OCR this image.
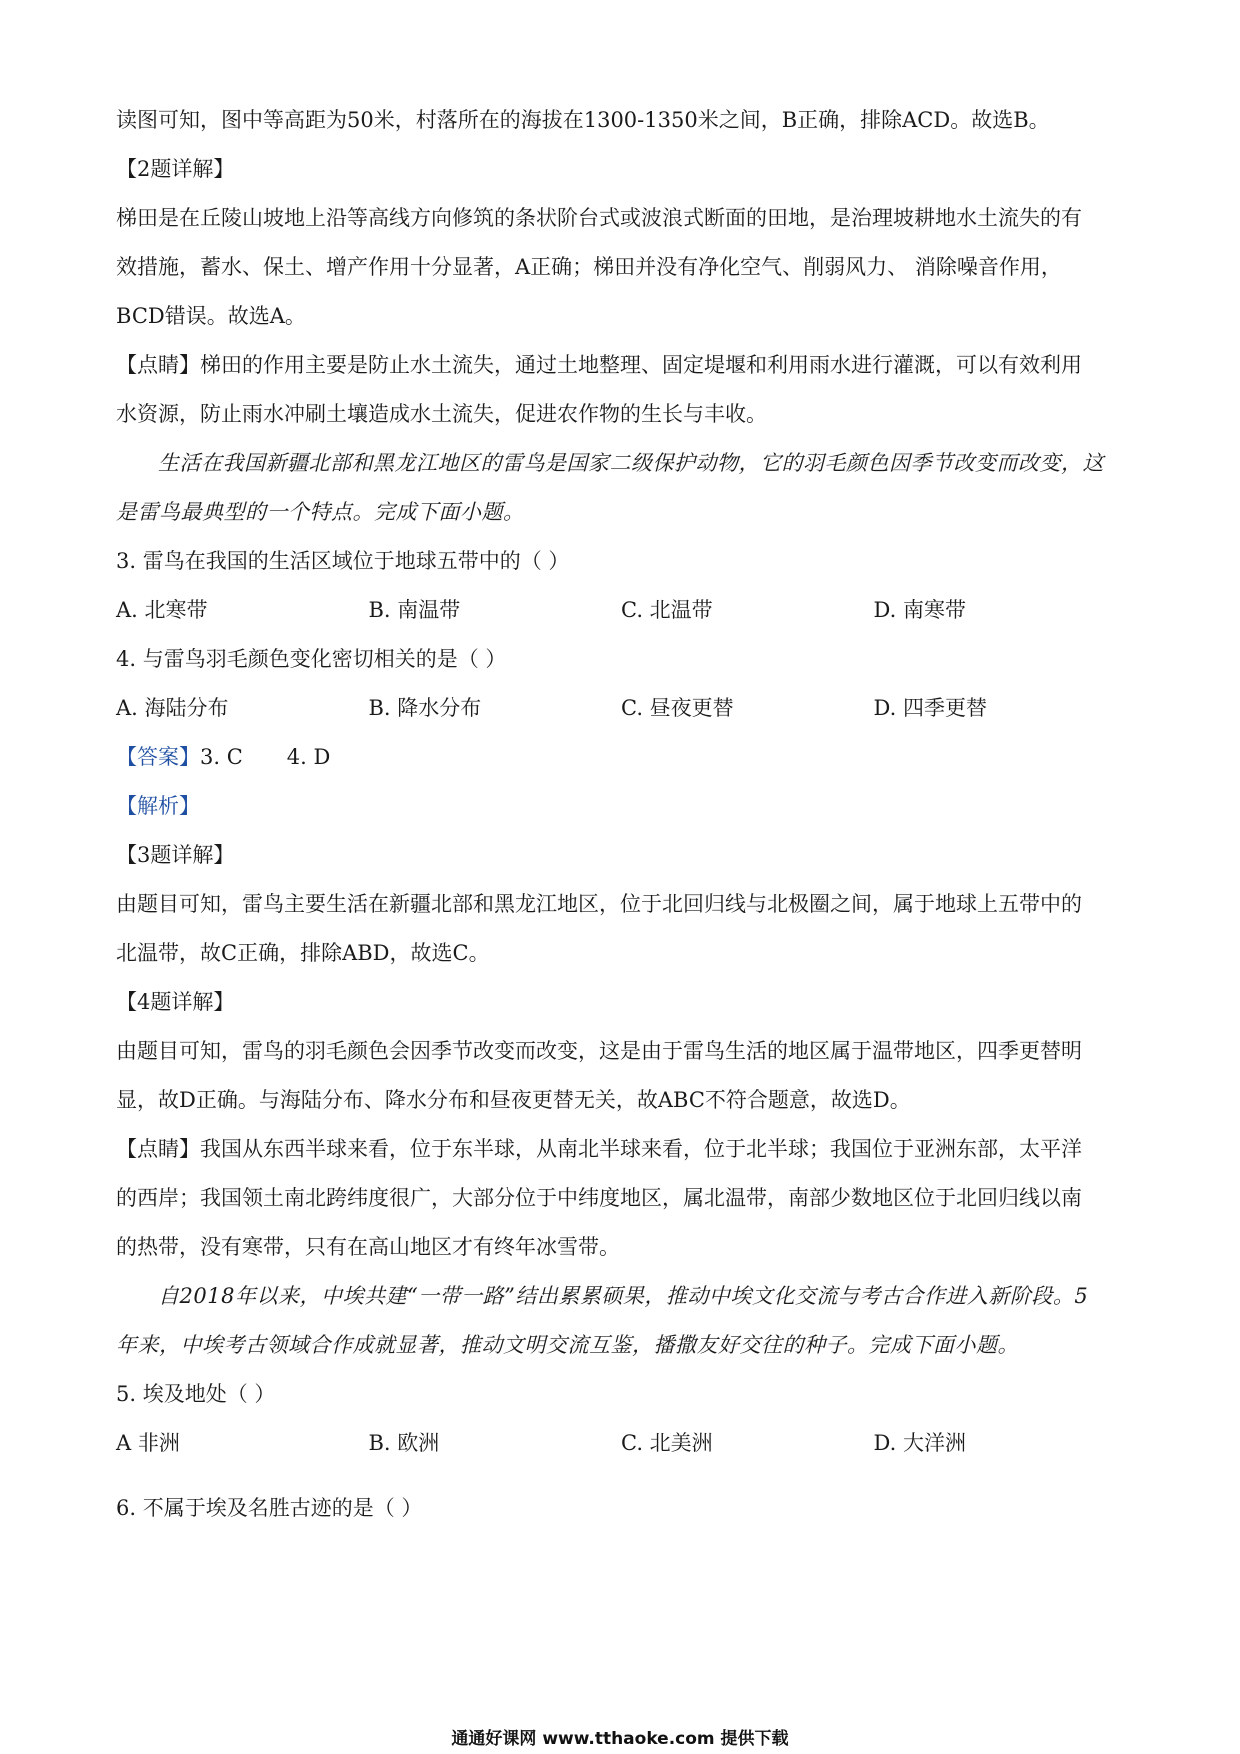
读图可知，图中等高距为50米，村落所在的海拔在1300-1350米之间，B正确，排除ACD。故选B。
【2题详解】
梯田是在丘陵山坡地上沿等高线方向修筑的条状阶台式或波浪式断面的田地，是治理坡耕地水土流失的有
效措施，蓄水、保土、增产作用十分显著，A正确；梯田并没有净化空气、削弱风力、 消除噪音作用，
BCD错误。故选A。
【点睛】梯田的作用主要是防止水土流失，通过土地整理、固定堤堰和利用雨水进行灌溉，可以有效利用
水资源，防止雨水冲刷土壤造成水土流失，促进农作物的生长与丰收。
生活在我国新疆北部和黑龙江地区的雷鸟是国家二级保护动物，它的羽毛颜色因季节改变而改变，这
是雷鸟最典型的一个特点。完成下面小题。
3. 雷鸟在我国的生活区域位于地球五带中的（ ）
A. 北寒带	B. 南温带	C. 北温带	D. 南寒带
4. 与雷鸟羽毛颜色变化密切相关的是（ ）
A. 海陆分布	B. 降水分布	C. 昼夜更替	D. 四季更替
【答案】3. C 4. D
【解析】
【3题详解】
由题目可知，雷鸟主要生活在新疆北部和黑龙江地区，位于北回归线与北极圈之间，属于地球上五带中的
北温带，故C正确，排除ABD，故选C。
【4题详解】
由题目可知，雷鸟的羽毛颜色会因季节改变而改变，这是由于雷鸟生活的地区属于温带地区，四季更替明
显，故D正确。与海陆分布、降水分布和昼夜更替无关，故ABC不符合题意，故选D。
【点睛】我国从东西半球来看，位于东半球，从南北半球来看，位于北半球；我国位于亚洲东部，太平洋
的西岸；我国领土南北跨纬度很广，大部分位于中纬度地区，属北温带，南部少数地区位于北回归线以南
的热带，没有寒带，只有在高山地区才有终年冰雪带。
自2018年以来，中埃共建“一带一路”结出累累硕果，推动中埃文化交流与考古合作进入新阶段。5
年来，中埃考古领域合作成就显著，推动文明交流互鉴，播撒友好交往的种子。完成下面小题。
5. 埃及地处（ ）
A 非洲	B. 欧洲	C. 北美洲	D. 大洋洲
6. 不属于埃及名胜古迹的是（ ）
通通好课网 www.tthaoke.com 提供下载
